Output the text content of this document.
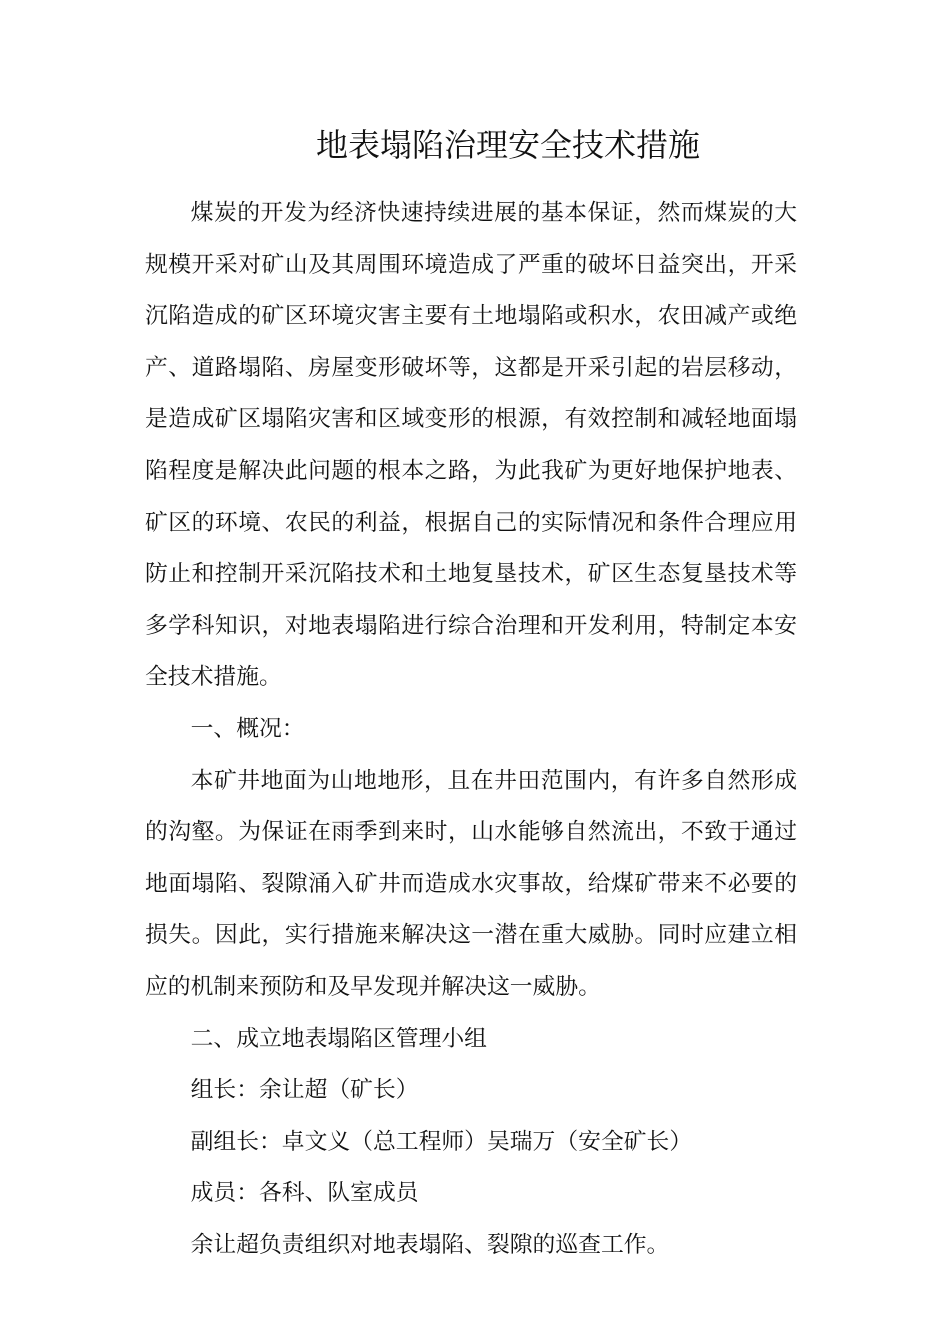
地表塌陷治理安全技术措施

煤炭的开发为经济快速持续进展的基本保证，然而煤炭的大规模开采对矿山及其周围环境造成了严重的破坏日益突出，开采沉陷造成的矿区环境灾害主要有土地塌陷或积水，农田减产或绝产、道路塌陷、房屋变形破坏等，这都是开采引起的岩层移动，是造成矿区塌陷灾害和区域变形的根源，有效控制和减轻地面塌陷程度是解决此问题的根本之路，为此我矿为更好地保护地表、矿区的环境、农民的利益，根据自己的实际情况和条件合理应用防止和控制开采沉陷技术和土地复垦技术，矿区生态复垦技术等多学科知识，对地表塌陷进行综合治理和开发利用，特制定本安全技术措施。

一、概况：

本矿井地面为山地地形，且在井田范围内，有许多自然形成的沟壑。为保证在雨季到来时，山水能够自然流出，不致于通过地面塌陷、裂隙涌入矿井而造成水灾事故，给煤矿带来不必要的损失。因此，实行措施来解决这一潜在重大威胁。同时应建立相应的机制来预防和及早发现并解决这一威胁。

二、成立地表塌陷区管理小组

组长：余让超（矿长）

副组长：卓文义（总工程师）吴瑞万（安全矿长）

成员：各科、队室成员

余让超负责组织对地表塌陷、裂隙的巡查工作。
